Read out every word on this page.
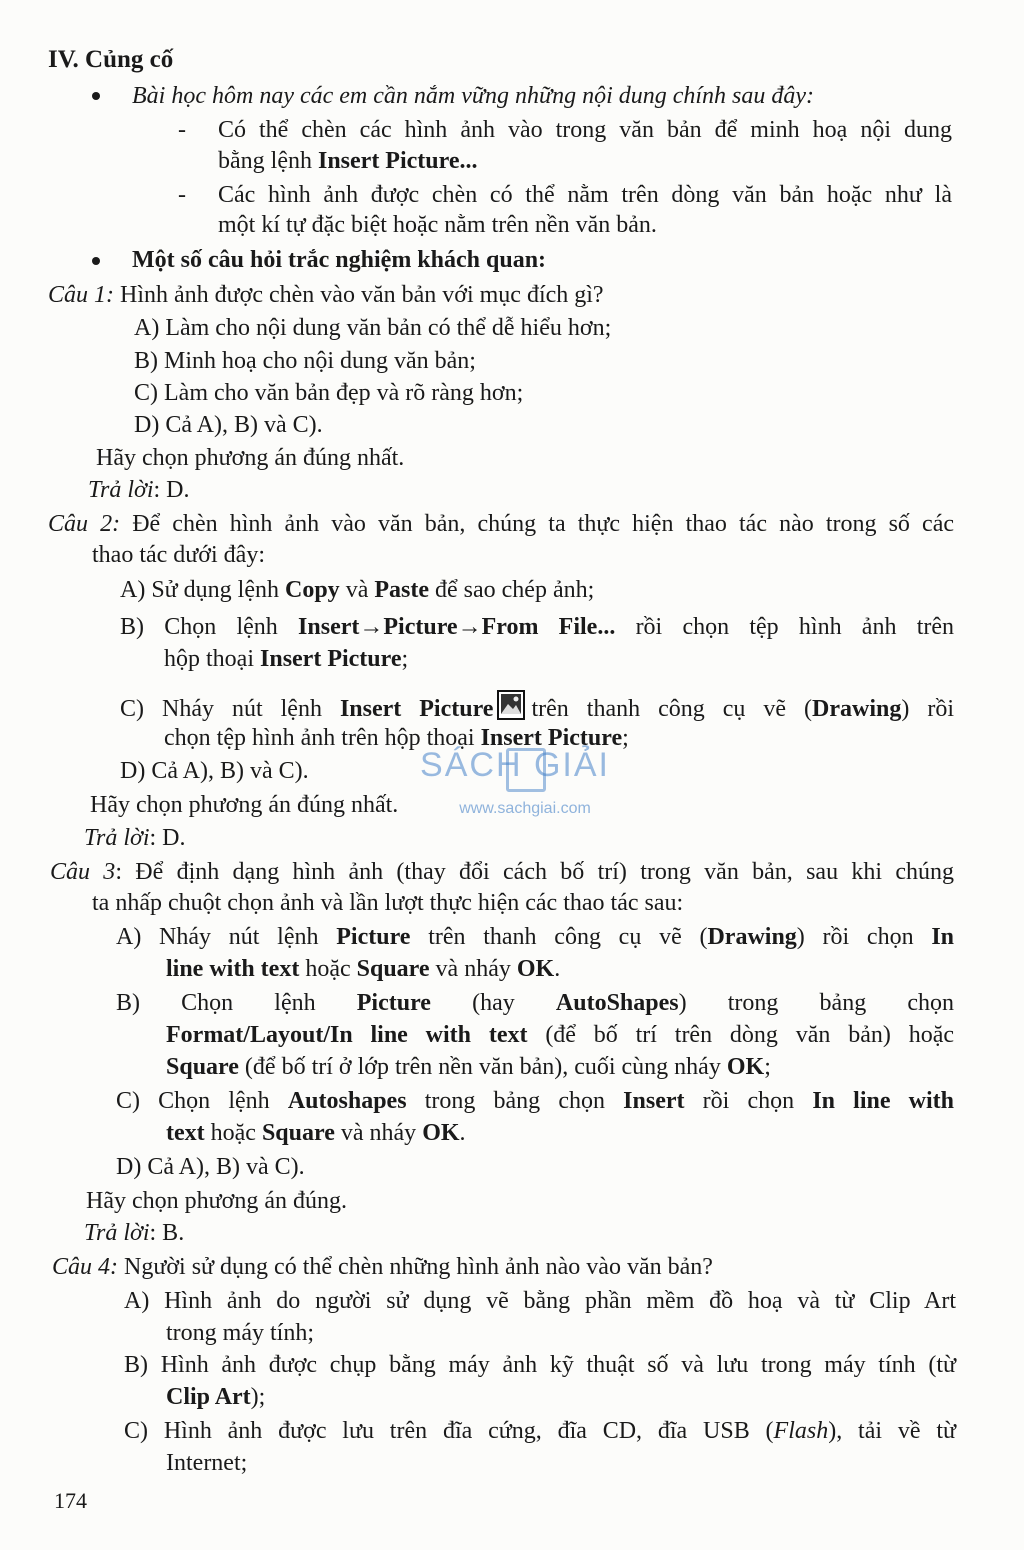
IV. Củng cố
Bài học hôm nay các em cần nắm vững những nội dung chính sau đây:
- Có thể chèn các hình ảnh vào trong văn bản để minh hoạ nội dung
bằng lệnh Insert Picture...
- Các hình ảnh được chèn có thể nằm trên dòng văn bản hoặc như là
một kí tự đặc biệt hoặc nằm trên nền văn bản.
Một số câu hỏi trắc nghiệm khách quan:
Câu 1: Hình ảnh được chèn vào văn bản với mục đích gì?
A) Làm cho nội dung văn bản có thể dễ hiểu hơn;
B) Minh hoạ cho nội dung văn bản;
C) Làm cho văn bản đẹp và rõ ràng hơn;
D) Cả A), B) và C).
Hãy chọn phương án đúng nhất.
Trả lời: D.
Câu 2: Để chèn hình ảnh vào văn bản, chúng ta thực hiện thao tác nào trong số các
thao tác dưới đây:
A) Sử dụng lệnh Copy và Paste để sao chép ảnh;
B) Chọn lệnh Insert→Picture→From File... rồi chọn tệp hình ảnh trên
hộp thoại Insert Picture;
C) Nháy nút lệnh Insert Picture trên thanh công cụ vẽ (Drawing) rồi
chọn tệp hình ảnh trên hộp thoại Insert Picture;
D) Cả A), B) và C).
Hãy chọn phương án đúng nhất.
Trả lời: D.
SÁCH GIẢI
www.sachgiai.com
Câu 3: Để định dạng hình ảnh (thay đổi cách bố trí) trong văn bản, sau khi chúng
ta nhấp chuột chọn ảnh và lần lượt thực hiện các thao tác sau:
A) Nháy nút lệnh Picture trên thanh công cụ vẽ (Drawing) rồi chọn In
line with text hoặc Square và nháy OK.
B) Chọn lệnh Picture (hay AutoShapes) trong bảng chọn
Format/Layout/In line with text (để bố trí trên dòng văn bản) hoặc
Square (để bố trí ở lớp trên nền văn bản), cuối cùng nháy OK;
C) Chọn lệnh Autoshapes trong bảng chọn Insert rồi chọn In line with
text hoặc Square và nháy OK.
D) Cả A), B) và C).
Hãy chọn phương án đúng.
Trả lời: B.
Câu 4: Người sử dụng có thể chèn những hình ảnh nào vào văn bản?
A) Hình ảnh do người sử dụng vẽ bằng phần mềm đồ hoạ và từ Clip Art
trong máy tính;
B) Hình ảnh được chụp bằng máy ảnh kỹ thuật số và lưu trong máy tính (từ
Clip Art);
C) Hình ảnh được lưu trên đĩa cứng, đĩa CD, đĩa USB (Flash), tải về từ
Internet;
174
